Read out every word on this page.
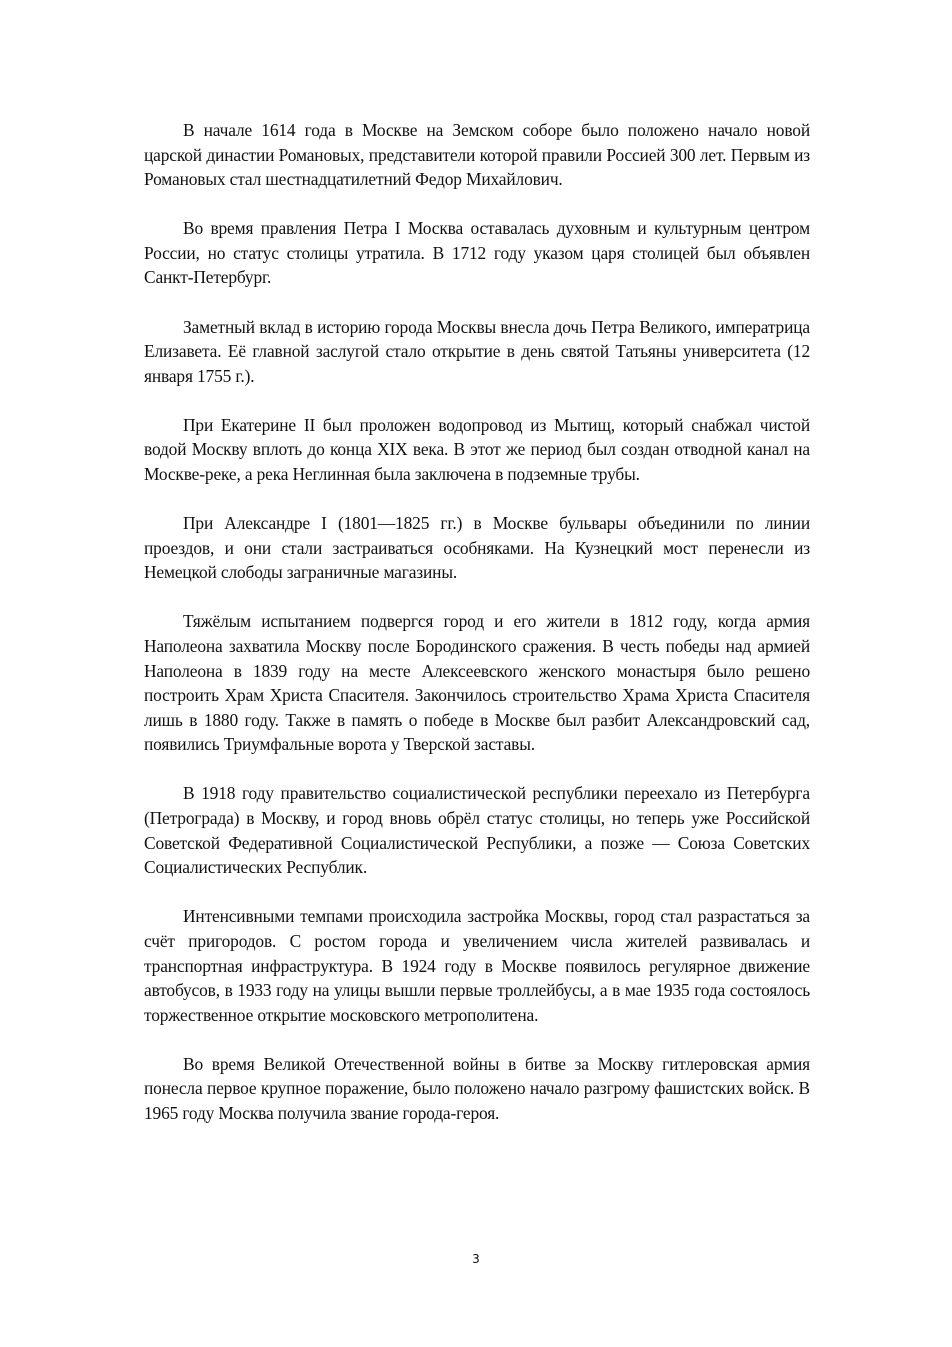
В начале 1614 года в Москве на Земском соборе было положено начало новой царской династии Романовых, представители которой правили Россией 300 лет. Первым из Романовых стал шестнадцатилетний Федор Михайлович.

Во время правления Петра I Москва оставалась духовным и культурным центром России, но статус столицы утратила. В 1712 году указом царя столицей был объявлен Санкт-Петербург.

Заметный вклад в историю города Москвы внесла дочь Петра Великого, императрица Елизавета. Её главной заслугой стало открытие в день святой Татьяны университета (12 января 1755 г.).

При Екатерине II был проложен водопровод из Мытищ, который снабжал чистой водой Москву вплоть до конца XIX века. В этот же период был создан отводной канал на Москве-реке, а река Неглинная была заключена в подземные трубы.

При Александре I (1801—1825 гг.) в Москве бульвары объединили по линии проездов, и они стали застраиваться особняками. На Кузнецкий мост перенесли из Немецкой слободы заграничные магазины.

Тяжёлым испытанием подвергся город и его жители в 1812 году, когда армия Наполеона захватила Москву после Бородинского сражения. В честь победы над армией Наполеона в 1839 году на месте Алексеевского женского монастыря было решено построить Храм Христа Спасителя. Закончилось строительство Храма Христа Спасителя лишь в 1880 году. Также в память о победе в Москве был разбит Александровский сад, появились Триумфальные ворота у Тверской заставы.

В 1918 году правительство социалистической республики переехало из Петербурга (Петрограда) в Москву, и город вновь обрёл статус столицы, но теперь уже Российской Советской Федеративной Социалистической Республики, а позже — Союза Советских Социалистических Республик.

Интенсивными темпами происходила застройка Москвы, город стал разрастаться за счёт пригородов. С ростом города и увеличением числа жителей развивалась и транспортная инфраструктура. В 1924 году в Москве появилось регулярное движение автобусов, в 1933 году на улицы вышли первые троллейбусы, а в мае 1935 года состоялось торжественное открытие московского метрополитена.

Во время Великой Отечественной войны в битве за Москву гитлеровская армия понесла первое крупное поражение, было положено начало разгрому фашистских войск. В 1965 году Москва получила звание города-героя.

3
